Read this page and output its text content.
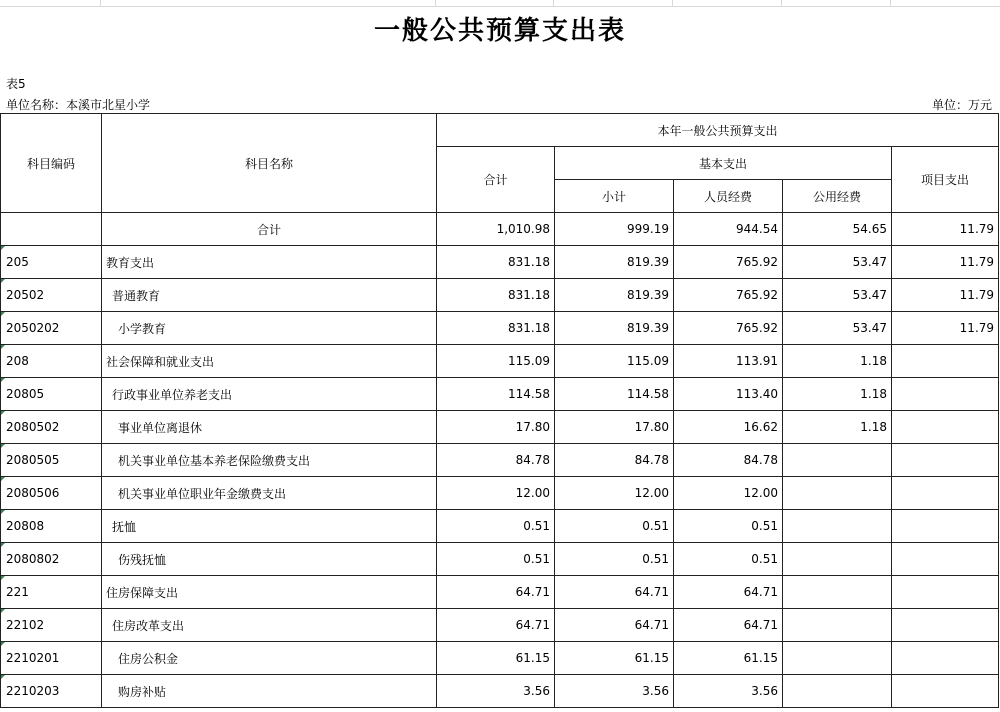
一般公共预算支出表
表5
单位名称：本溪市北星小学	单位：万元
科目编码	科目名称	本年一般公共预算支出				
		合计	基本支出			项目支出
			小计	人员经费	公用经费	
	合计	1,010.98	999.19	944.54	54.65	11.79
205	教育支出	831.18	819.39	765.92	53.47	11.79
20502	普通教育	831.18	819.39	765.92	53.47	11.79
2050202	小学教育	831.18	819.39	765.92	53.47	11.79
208	社会保障和就业支出	115.09	115.09	113.91	1.18	
20805	行政事业单位养老支出	114.58	114.58	113.40	1.18	
2080502	事业单位离退休	17.80	17.80	16.62	1.18	
2080505	机关事业单位基本养老保险缴费支出	84.78	84.78	84.78		
2080506	机关事业单位职业年金缴费支出	12.00	12.00	12.00		
20808	抚恤	0.51	0.51	0.51		
2080802	伤残抚恤	0.51	0.51	0.51		
221	住房保障支出	64.71	64.71	64.71		
22102	住房改革支出	64.71	64.71	64.71		
2210201	住房公积金	61.15	61.15	61.15		
2210203	购房补贴	3.56	3.56	3.56		
